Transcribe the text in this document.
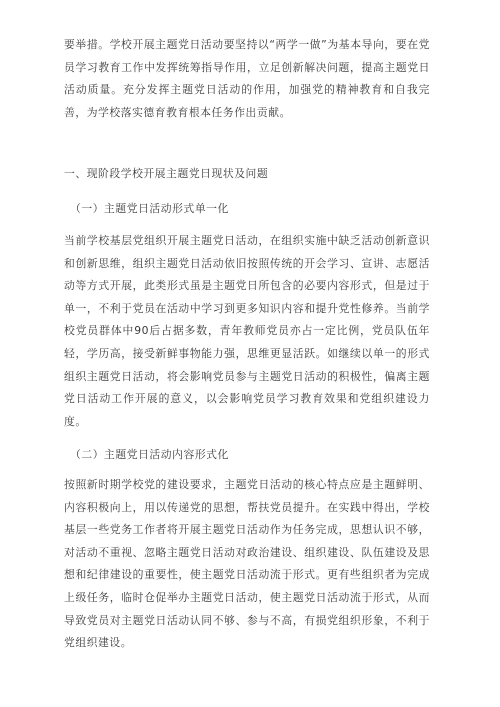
要举措。学校开展主题党日活动要坚持以“两学一做”为基本导向，要在党员学习教育工作中发挥统筹指导作用，立足创新解决问题，提高主题党日活动质量。充分发挥主题党日活动的作用，加强党的精神教育和自我完善，为学校落实德育教育根本任务作出贡献。

一、现阶段学校开展主题党日现状及问题

（一）主题党日活动形式单一化

当前学校基层党组织开展主题党日活动，在组织实施中缺乏活动创新意识和创新思维，组织主题党日活动依旧按照传统的开会学习、宣讲、志愿活动等方式开展，此类形式虽是主题党日所包含的必要内容形式，但是过于单一，不利于党员在活动中学习到更多知识内容和提升党性修养。当前学校党员群体中90后占据多数，青年教师党员亦占一定比例，党员队伍年轻，学历高，接受新鲜事物能力强，思维更显活跃。如继续以单一的形式组织主题党日活动，将会影响党员参与主题党日活动的积极性，偏离主题党日活动工作开展的意义，以会影响党员学习教育效果和党组织建设力度。

（二）主题党日活动内容形式化

按照新时期学校党的建设要求，主题党日活动的核心特点应是主题鲜明、内容积极向上，用以传递党的思想，帮扶党员提升。在实践中得出，学校基层一些党务工作者将开展主题党日活动作为任务完成，思想认识不够，对活动不重视、忽略主题党日活动对政治建设、组织建设、队伍建设及思想和纪律建设的重要性，使主题党日活动流于形式。更有些组织者为完成上级任务，临时仓促举办主题党日活动，使主题党日活动流于形式，从而导致党员对主题党日活动认同不够、参与不高，有损党组织形象，不利于党组织建设。
